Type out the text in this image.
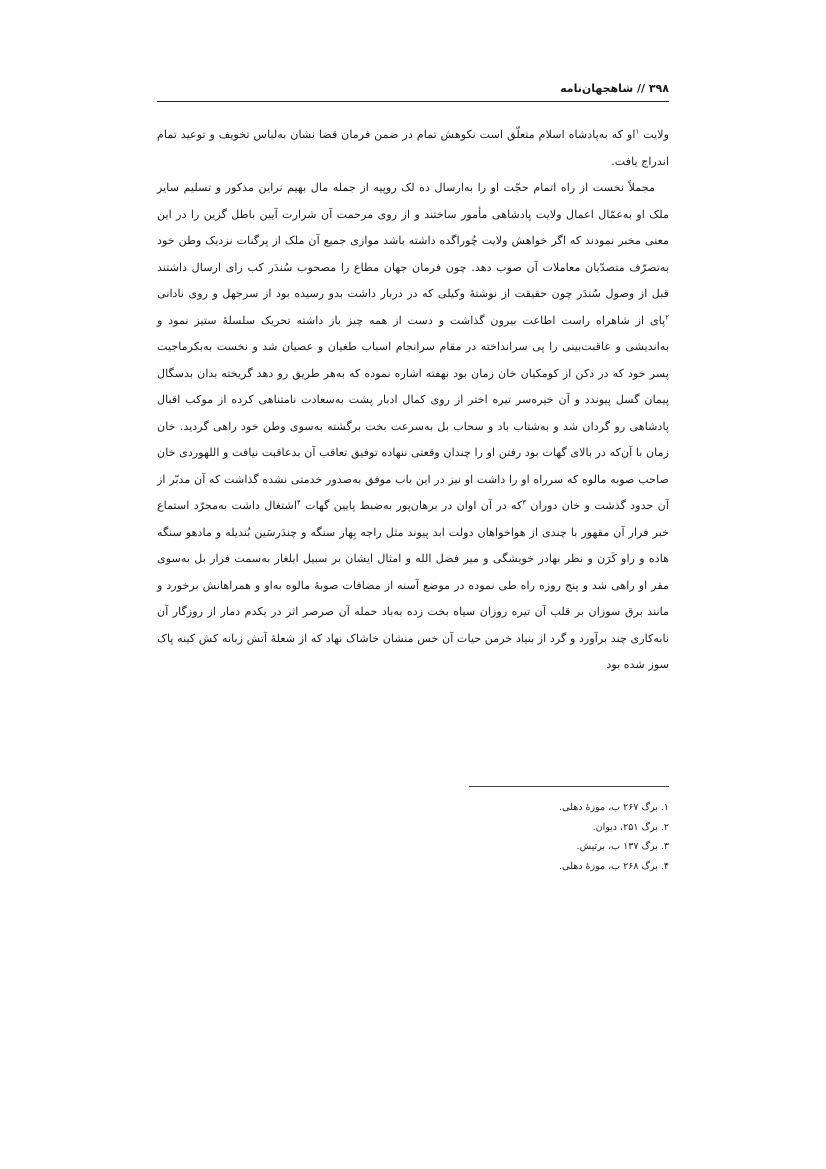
۳۹۸ // شاهجهان‌نامه

ولایت $^۱$او که به‌پادشاه اسلام متعلّق است نکوهش تمام در ضمن فرمان قضا نشان به‌لباس تخویف و توعید تمام اندراج یافت.

مجملاً نخست از راه اتمام حجّت او را به‌ارسال ده لک روپیه از جمله مال بهیم نراین مذکور و تسلیم سایر ملک او به‌عمّال اعمال ولایت پادشاهی مأمور ساختند و از روی مرحمت آن شرارت آیین باطل گزین را در این معنی مخبر نمودند که اگر خواهش ولایت چُوراگده داشته باشد موازی جمیع آن ملک از پرگنات نزدیک وطن خود به‌تصرّف متصدّیان معاملات آن صوب دهد. چون فرمان جهان مطاع را مصحوب سُندَر کب رای ارسال داشتند قبل از وصول سُندَر چون حقیقت از نوشتهٔ وکیلی که در دربار داشت بدو رسیده بود از سرجهل و روی نادانی $^۲$پای از شاهراه راست اطاعت بیرون گذاشت و دست از همه چیز باز داشته تحریک سلسلهٔ ستیز نمود و به‌اندیشی و عاقبت‌بینی را پی سرانداخته در مقام سرانجام اسباب طغیان و عصیان شد و نخست به‌بکرماجیت پسر خود که در دکن از کومکیان خان زمان بود نهفته اشاره نموده که به‌هر طریق رو دهد گریخته بدان بدسگال پیمان گسل پیوندد و آن خیره‌سر تیره اختر از روی کمال ادبار پشت به‌سعادت نامتناهی کرده از موکب اقبال پادشاهی رو گردان شد و به‌شتاب باد و سحاب بل به‌سرعت بخت برگشته به‌سوی وطن خود راهی گردید. خان زمان با آن‌که در بالای گهات بود رفتن او را چندان وقعتی ننهاده توفیق تعاقب آن بدعاقبت نیافت و اللهوردی خان صاحب صوبه مالوه که سرراه او را داشت او نیز در این باب موفق به‌صدور خدمتی نشده گذاشت که آن مدبّر از آن حدود گذشت و خان دوران $^۳$که در آن اوان در برهان‌پور به‌ضبط پایین گهات $^۴$اشتغال داشت به‌مجرّد استماع خبر فرار آن مقهور با چندی از هواخواهان دولت ابد پیوند مثل راجه بِهار سنگه و چندَرسَین بُندیله و مادهو سنگه هاده و راو کَرَن و نظر بهادر خویشگی و میر فضل الله و امثال ایشان بر سبیل ایلغار به‌سمت فرار بل به‌سوی مقر او راهی شد و پنج روزه راه طی نموده در موضع آسنه از مضافات صوبهٔ مالوه به‌او و همراهانش برخورد و مانند برق سوزان بر قلب آن تیره روزان سیاه بخت زده به‌باد حمله آن صرصر اثر در یکدم دمار از روزگار آن نابه‌کاری چند برآورد و گرد از بنیاد خرمن حیات آن خس منشان خاشاک نهاد که از شعلهٔ آتش زبانه کش کینه پاک سوز شده بود

۱. برگ ۲۶۷ ب، موزهٔ دهلی.
۲. برگ ۲۵۱، دیوان.
۳. برگ ۱۳۷ ب، برتیش.
۴. برگ ۲۶۸ ب، موزهٔ دهلی.
